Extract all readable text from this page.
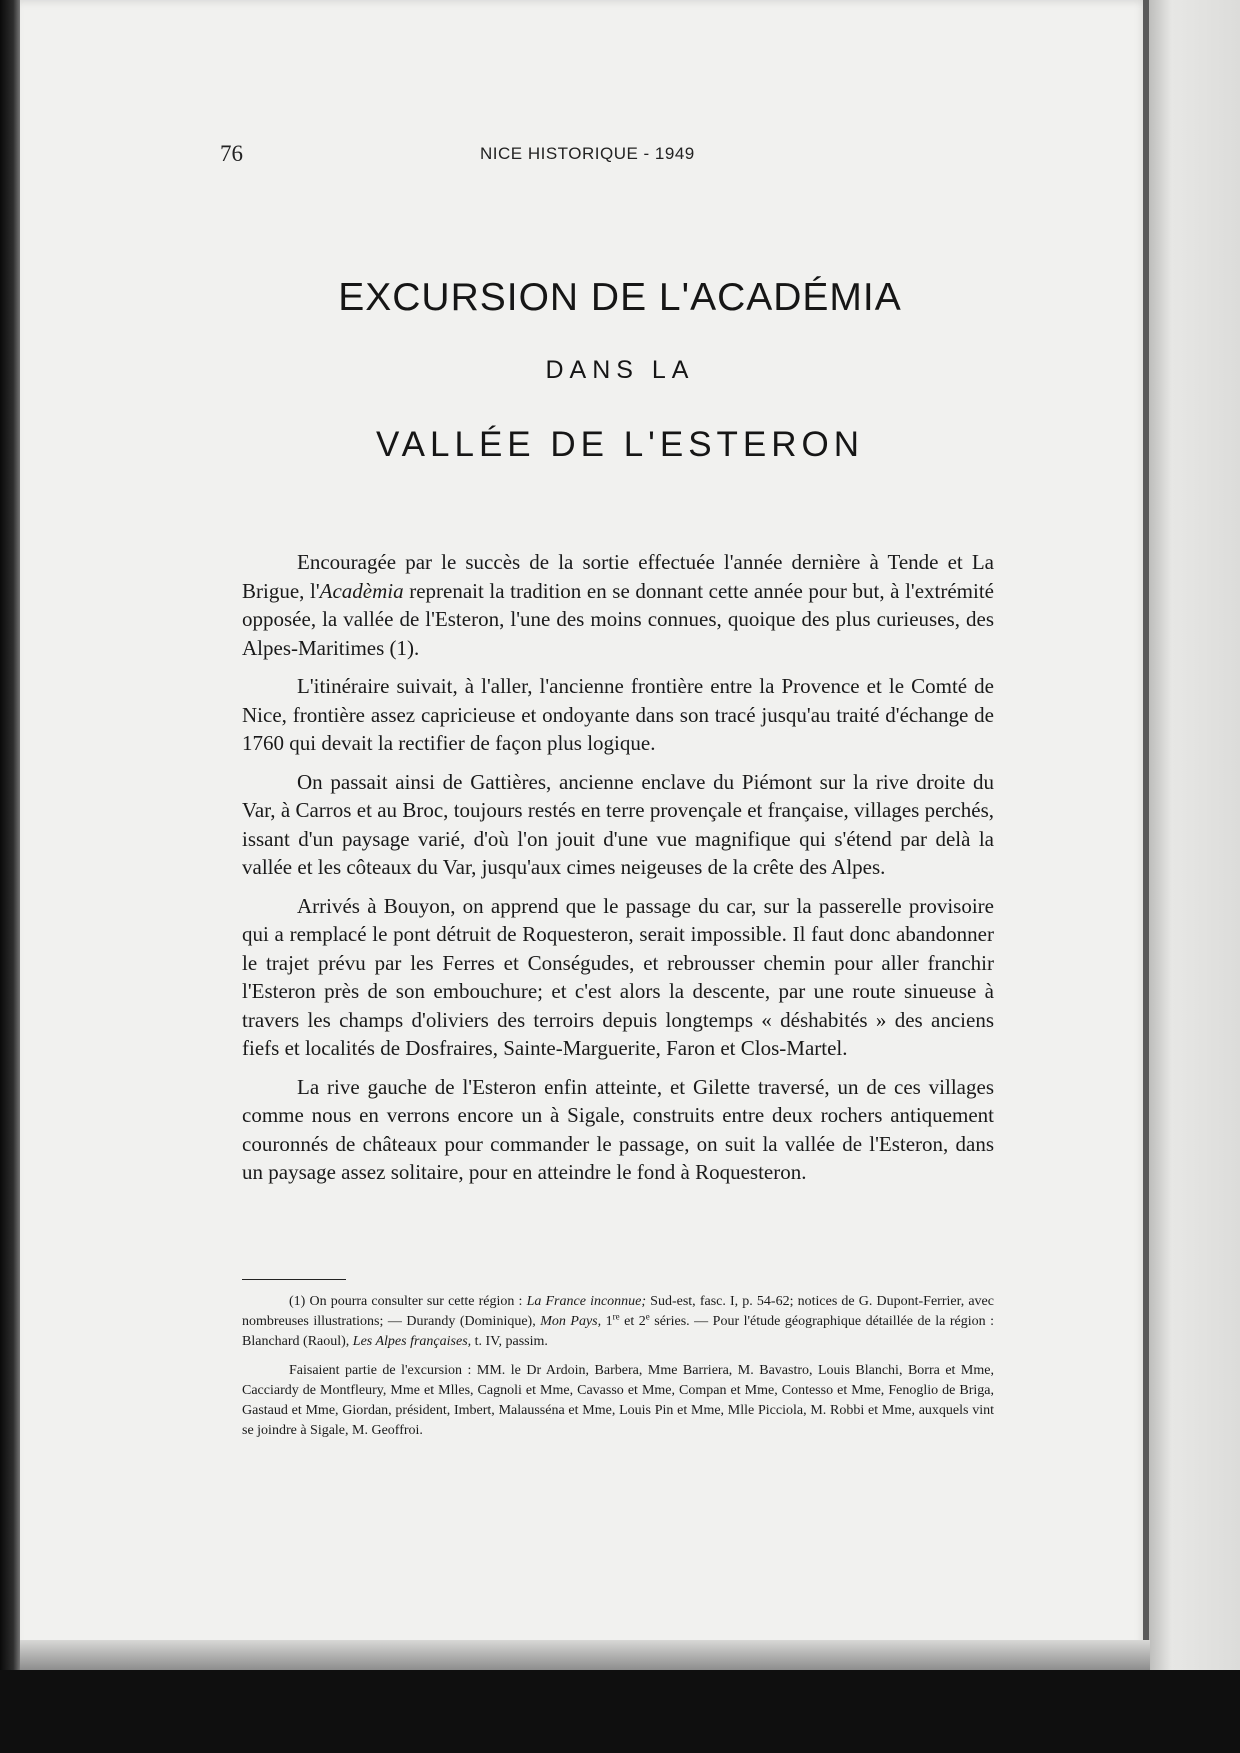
76	NICE HISTORIQUE - 1949
EXCURSION DE L'ACADÉMIA
DANS LA
VALLÉE DE L'ESTERON

Encouragée par le succès de la sortie effectuée l'année dernière à Tende et La Brigue, l'Acadèmia reprenait la tradition en se donnant cette année pour but, à l'extrémité opposée, la vallée de l'Esteron, l'une des moins connues, quoique des plus curieuses, des Alpes-Maritimes (1).

L'itinéraire suivait, à l'aller, l'ancienne frontière entre la Provence et le Comté de Nice, frontière assez capricieuse et ondoyante dans son tracé jusqu'au traité d'échange de 1760 qui devait la rectifier de façon plus logique.

On passait ainsi de Gattières, ancienne enclave du Piémont sur la rive droite du Var, à Carros et au Broc, toujours restés en terre provençale et française, villages perchés, issant d'un paysage varié, d'où l'on jouit d'une vue magnifique qui s'étend par delà la vallée et les côteaux du Var, jusqu'aux cimes neigeuses de la crête des Alpes.

Arrivés à Bouyon, on apprend que le passage du car, sur la passerelle provisoire qui a remplacé le pont détruit de Roquesteron, serait impossible. Il faut donc abandonner le trajet prévu par les Ferres et Conségudes, et rebrousser chemin pour aller franchir l'Esteron près de son embouchure; et c'est alors la descente, par une route sinueuse à travers les champs d'oliviers des terroirs depuis longtemps « déshabités » des anciens fiefs et localités de Dosfraires, Sainte-Marguerite, Faron et Clos-Martel.

La rive gauche de l'Esteron enfin atteinte, et Gilette traversé, un de ces villages comme nous en verrons encore un à Sigale, construits entre deux rochers antiquement couronnés de châteaux pour commander le passage, on suit la vallée de l'Esteron, dans un paysage assez solitaire, pour en atteindre le fond à Roquesteron.

(1) On pourra consulter sur cette région : La France inconnue; Sud-est, fasc. I, p. 54-62; notices de G. Dupont-Ferrier, avec nombreuses illustrations; — Durandy (Dominique), Mon Pays, 1re et 2e séries. — Pour l'étude géographique détaillée de la région : Blanchard (Raoul), Les Alpes françaises, t. IV, passim.

Faisaient partie de l'excursion : MM. le Dr Ardoin, Barbera, Mme Barriera, M. Bavastro, Louis Blanchi, Borra et Mme, Cacciardy de Montfleury, Mme et Mlles, Cagnoli et Mme, Cavasso et Mme, Compan et Mme, Contesso et Mme, Fenoglio de Briga, Gastaud et Mme, Giordan, président, Imbert, Malausséna et Mme, Louis Pin et Mme, Mlle Picciola, M. Robbi et Mme, auxquels vint se joindre à Sigale, M. Geoffroi.
